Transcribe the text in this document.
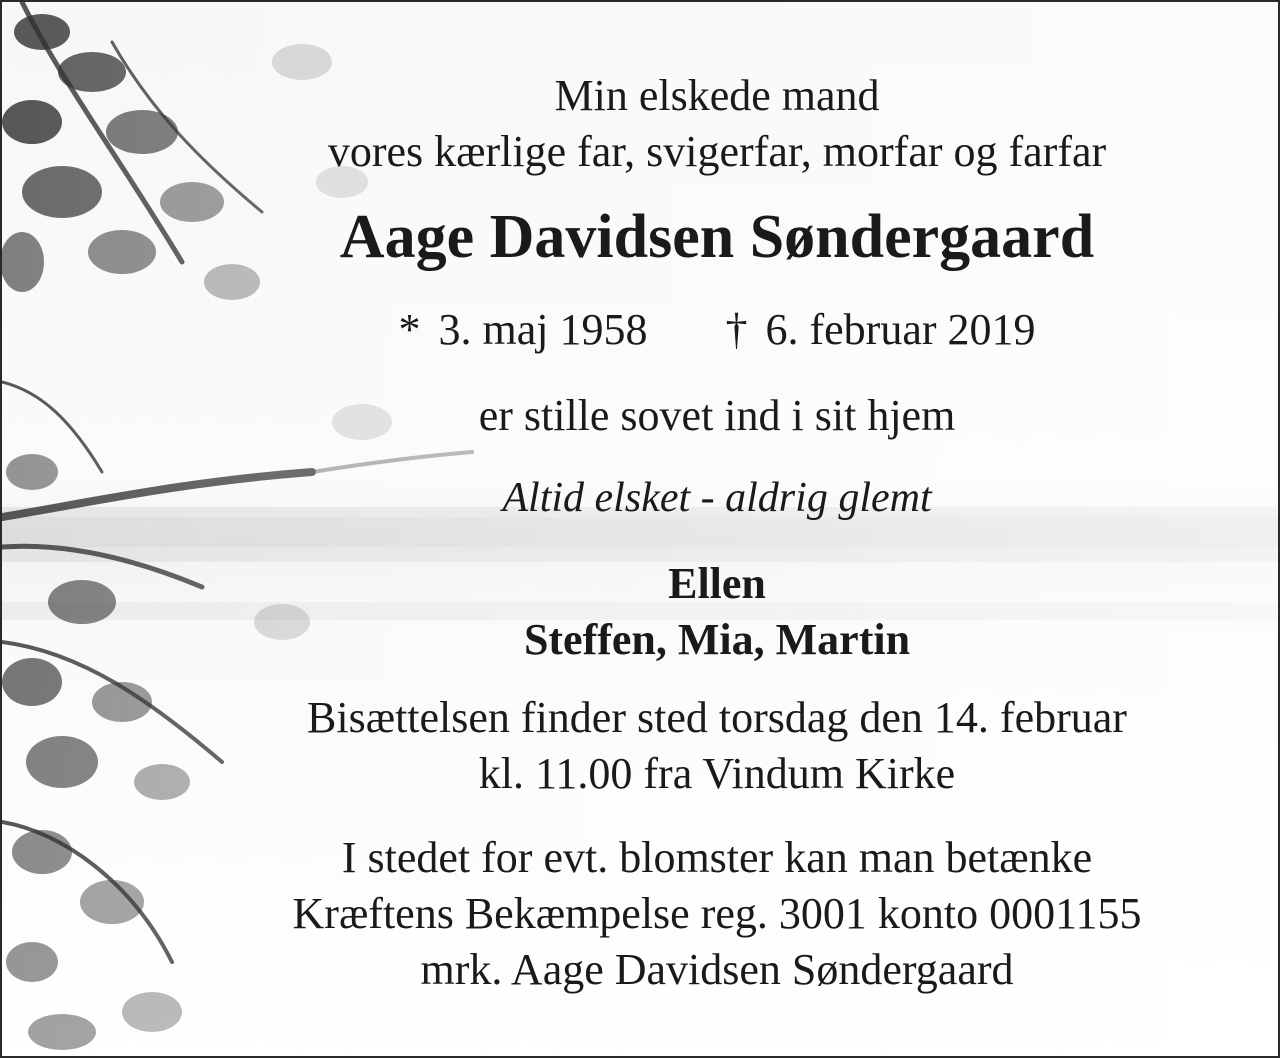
Min elskede mand
vores kærlige far, svigerfar, morfar og farfar
Aage Davidsen Søndergaard
* 3. maj 1958 † 6. februar 2019
er stille sovet ind i sit hjem
Altid elsket - aldrig glemt
Ellen
Steffen, Mia, Martin
Bisættelsen finder sted torsdag den 14. februar
kl. 11.00 fra Vindum Kirke
I stedet for evt. blomster kan man betænke
Kræftens Bekæmpelse reg. 3001 konto 0001155
mrk. Aage Davidsen Søndergaard
